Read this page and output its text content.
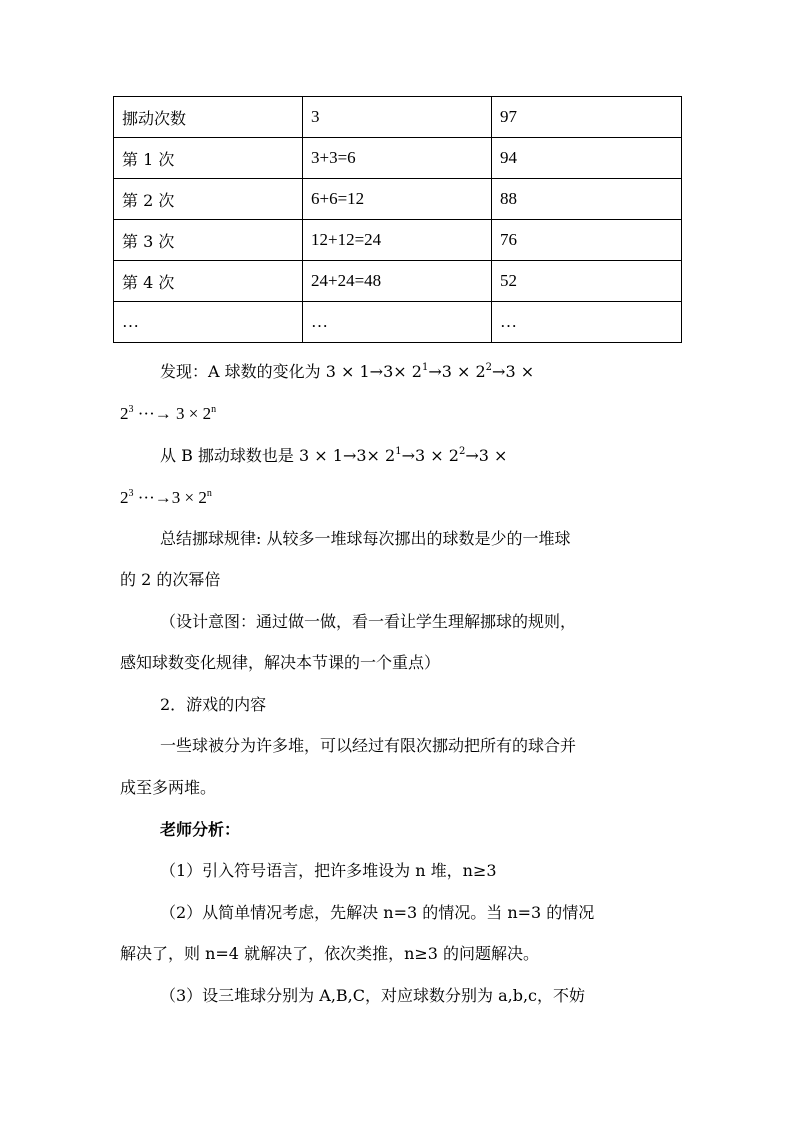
挪动次数	3	97
第 1 次	3+3=6	94
第 2 次	6+6=12	88
第 3 次	12+12=24	76
第 4 次	24+24=48	52
…	…	…
发现：A 球数的变化为 $3 \times 1\to 3\times 2^1\to 3 \times 2^2\to 3$ ×
$2^3$ ···→ $3 \times 2^n$
从 B 挪动球数也是 $3 \times 1\to 3\times 2^1\to 3 \times 2^2\to 3$ ×
$2^3 \cdot\cdot\cdot\to 3 \times 2^n$
总结挪球规律: 从较多一堆球每次挪出的球数是少的一堆球
的 2 的次幂倍
（设计意图：通过做一做，看一看让学生理解挪球的规则，
感知球数变化规律，解决本节课的一个重点）
2．游戏的内容
一些球被分为许多堆，可以经过有限次挪动把所有的球合并
成至多两堆。
老师分析：
（1）引入符号语言，把许多堆设为 n 堆，n≥3
（2）从简单情况考虑，先解决 n=3 的情况。当 n=3 的情况
解决了，则 n=4 就解决了，依次类推，n≥3 的问题解决。
（3）设三堆球分别为 A,B,C，对应球数分别为 a,b,c，不妨
